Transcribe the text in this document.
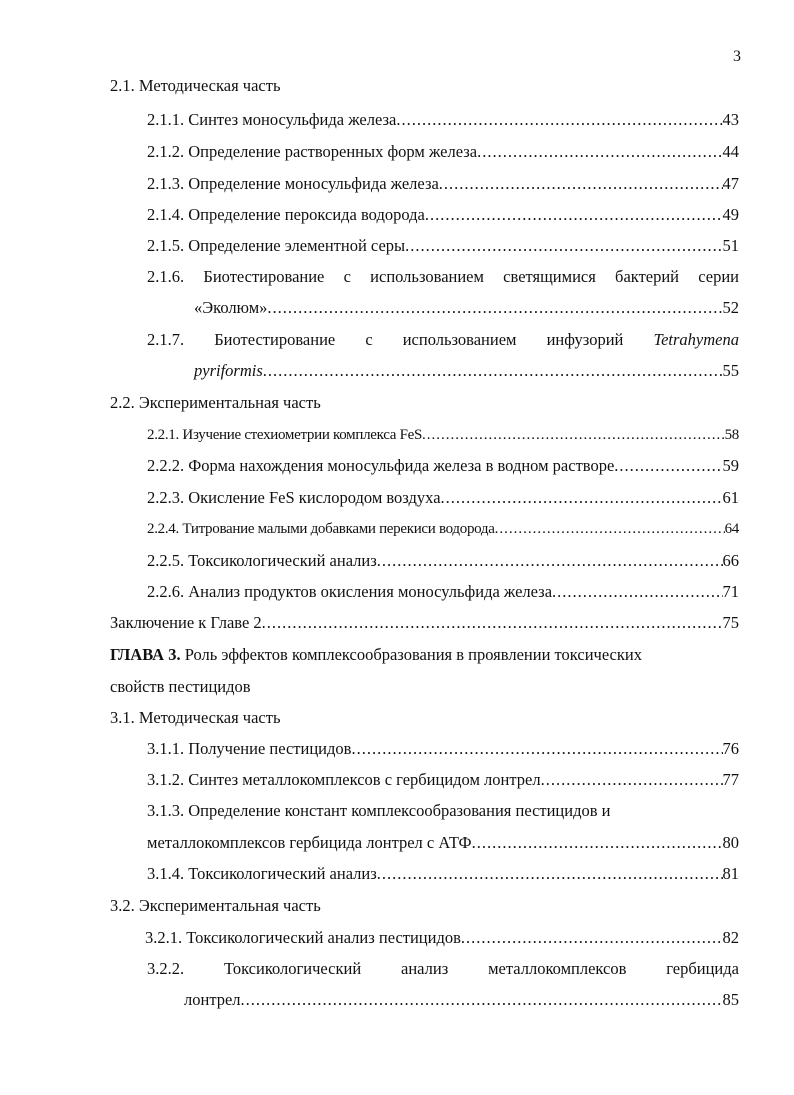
3
2.1. Методическая часть
2.1.1. Синтез моносульфида железа .....	43
2.1.2. Определение растворенных форм железа .....	44
2.1.3. Определение моносульфида железа .....	47
2.1.4. Определение пероксида водорода .....	49
2.1.5. Определение элементной серы .....	51
2.1.6. Биотестирование с использованием светящимися бактерий серии
«Эколюм» .....	52
2.1.7. Биотестирование с использованием инфузорий Tetrahymena
pyriformis .....	55
2.2. Экспериментальная часть
2.2.1. Изучение стехиометрии комплекса FeS .....	58
2.2.2. Форма нахождения моносульфида железа в водном растворе .....	59
2.2.3. Окисление FeS кислородом воздуха .....	61
2.2.4. Титрование малыми добавками перекиси водорода .....	64
2.2.5. Токсикологический анализ .....	66
2.2.6. Анализ продуктов окисления моносульфида железа .....	71
Заключение к Главе 2 .....	75
ГЛАВА 3. Роль эффектов комплексообразования в проявлении токсических
свойств пестицидов
3.1. Методическая часть
3.1.1. Получение пестицидов .....	76
3.1.2. Синтез металлокомплексов с гербицидом лонтрел .....	77
3.1.3. Определение констант комплексообразования пестицидов и
металлокомплексов гербицида лонтрел с АТФ .....	80
3.1.4. Токсикологический анализ .....	81
3.2. Экспериментальная часть
3.2.1. Токсикологический анализ пестицидов .....	82
3.2.2. Токсикологический анализ металлокомплексов гербицида
лонтрел .....	85
